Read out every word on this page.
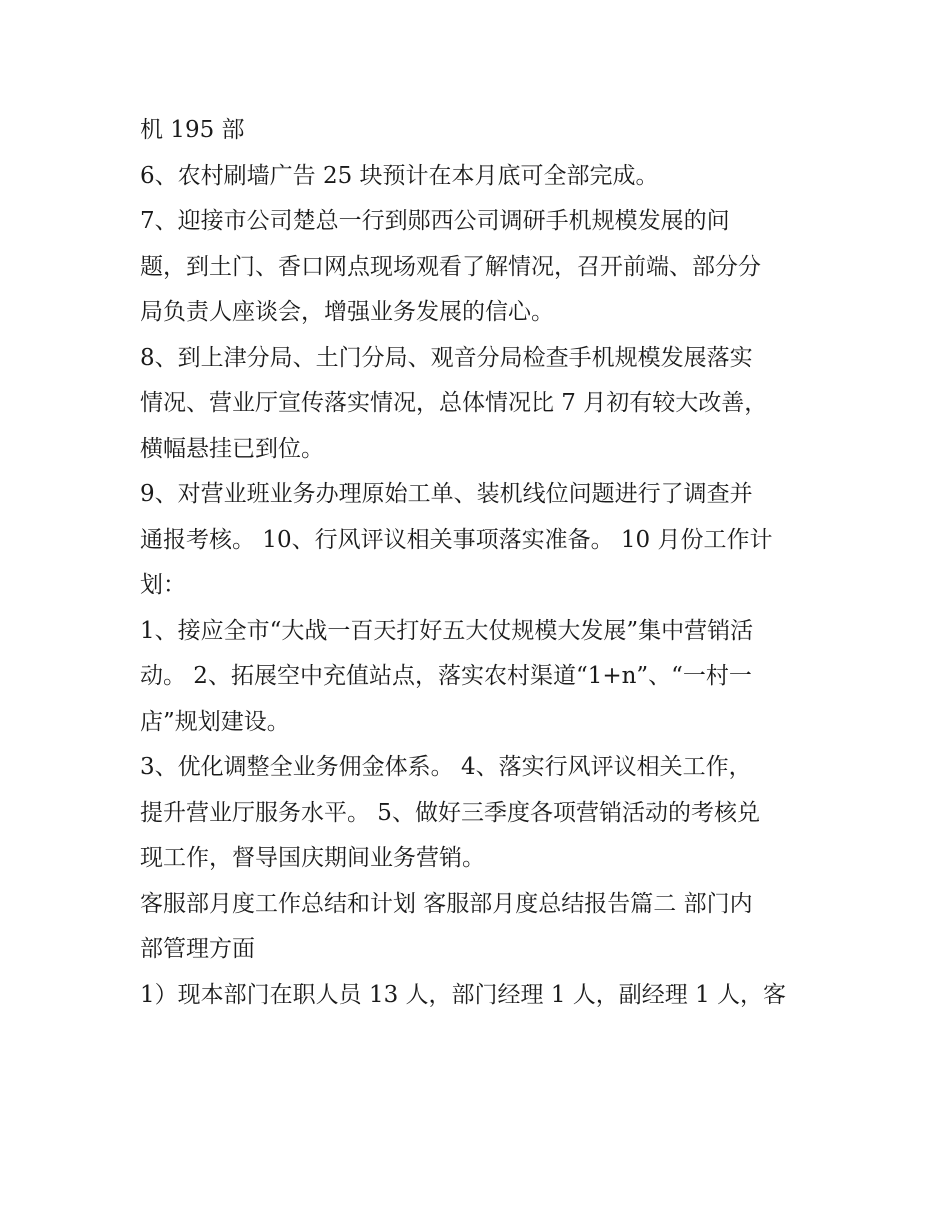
机 195 部
6、农村刷墙广告 25 块预计在本月底可全部完成。
7、迎接市公司楚总一行到郧西公司调研手机规模发展的问
题，到土门、香口网点现场观看了解情况，召开前端、部分分
局负责人座谈会，增强业务发展的信心。
8、到上津分局、土门分局、观音分局检查手机规模发展落实
情况、营业厅宣传落实情况，总体情况比 7 月初有较大改善，
横幅悬挂已到位。
9、对营业班业务办理原始工单、装机线位问题进行了调查并
通报考核。 10、行风评议相关事项落实准备。 10 月份工作计
划：
1、接应全市“大战一百天打好五大仗规模大发展”集中营销活
动。 2、拓展空中充值站点，落实农村渠道“1+n”、“一村一
店”规划建设。
3、优化调整全业务佣金体系。 4、落实行风评议相关工作，
提升营业厅服务水平。 5、做好三季度各项营销活动的考核兑
现工作，督导国庆期间业务营销。
客服部月度工作总结和计划 客服部月度总结报告篇二 部门内
部管理方面
1）现本部门在职人员 13 人，部门经理 1 人，副经理 1 人，客
